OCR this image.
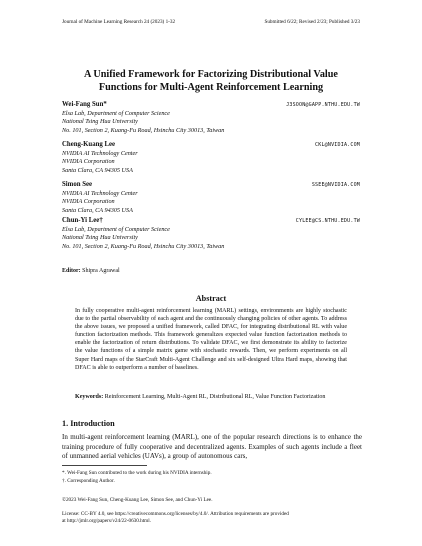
Journal of Machine Learning Research 24 (2023) 1-32	Submitted 6/22; Revised 2/23; Published 3/23
A Unified Framework for Factorizing Distributional Value
Functions for Multi-Agent Reinforcement Learning
Wei-Fang Sun*	J3SOON@GAPP.NTHU.EDU.TW
Elsa Lab, Department of Computer Science
National Tsing Hua University
No. 101, Section 2, Kuang-Fu Road, Hsinchu City 30013, Taiwan
Cheng-Kuang Lee	CKL@NVIDIA.COM
NVIDIA AI Technology Center
NVIDIA Corporation
Santa Clara, CA 94305 USA
Simon See	SSEE@NVIDIA.COM
NVIDIA AI Technology Center
NVIDIA Corporation
Santa Clara, CA 94305 USA
Chun-Yi Lee†	CYLEE@CS.NTHU.EDU.TW
Elsa Lab, Department of Computer Science
National Tsing Hua University
No. 101, Section 2, Kuang-Fu Road, Hsinchu City 30013, Taiwan
Editor: Shipra Agrawal
Abstract
In fully cooperative multi-agent reinforcement learning (MARL) settings, environments are highly stochastic due to the partial observability of each agent and the continuously changing policies of other agents. To address the above issues, we proposed a unified framework, called DFAC, for integrating distributional RL with value function factorization methods. This framework generalizes expected value function factorization methods to enable the factorization of return distributions. To validate DFAC, we first demonstrate its ability to factorize the value functions of a simple matrix game with stochastic rewards. Then, we perform experiments on all Super Hard maps of the StarCraft Multi-Agent Challenge and six self-designed Ultra Hard maps, showing that DFAC is able to outperform a number of baselines.
Keywords: Reinforcement Learning, Multi-Agent RL, Distributional RL, Value Function Factorization
1. Introduction
In multi-agent reinforcement learning (MARL), one of the popular research directions is to enhance the training procedure of fully cooperative and decentralized agents. Examples of such agents include a fleet of unmanned aerial vehicles (UAVs), a group of autonomous cars,
*. Wei-Fang Sun contributed to the work during his NVIDIA internship.
†. Corresponding Author.
©2023 Wei-Fang Sun, Cheng-Kuang Lee, Simon See, and Chun-Yi Lee.
License: CC-BY 4.0, see https://creativecommons.org/licenses/by/4.0/. Attribution requirements are provided
at http://jmlr.org/papers/v24/22-0630.html.
